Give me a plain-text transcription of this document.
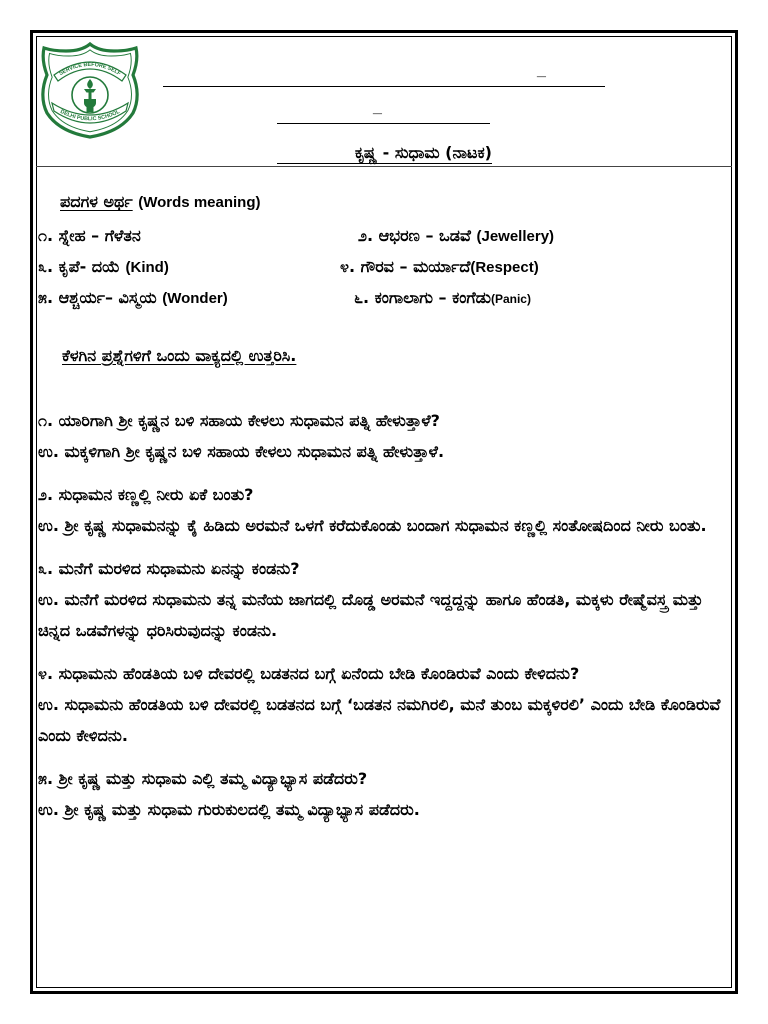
SERVICE BEFORE SELF
DELHI PUBLIC SCHOOL
_
_
ಕೃಷ್ಣ - ಸುಧಾಮ (ನಾಟಕ)
ಪದಗಳ ಅರ್ಥ (Words meaning)
೧. ಸ್ನೇಹ – ಗೆಳೆತನ	೨. ಆಭರಣ – ಒಡವೆ (Jewellery)
೩. ಕೃಪೆ- ದಯೆ (Kind)	೪. ಗೌರವ – ಮರ್ಯಾದೆ(Respect)
೫. ಆಶ್ಚರ್ಯ– ವಿಸ್ಮಯ (Wonder)	೬. ಕಂಗಾಲಾಗು – ಕಂಗೆಡು(Panic)
ಕೆಳಗಿನ ಪ್ರಶ್ನೆಗಳಿಗೆ ಒಂದು ವಾಕ್ಯದಲ್ಲಿ ಉತ್ತರಿಸಿ.

೧. ಯಾರಿಗಾಗಿ ಶ್ರೀ ಕೃಷ್ಣನ ಬಳಿ ಸಹಾಯ ಕೇಳಲು ಸುಧಾಮನ ಪತ್ನಿ ಹೇಳುತ್ತಾಳೆ?

ಉ. ಮಕ್ಕಳಿಗಾಗಿ ಶ್ರೀ ಕೃಷ್ಣನ ಬಳಿ ಸಹಾಯ ಕೇಳಲು ಸುಧಾಮನ ಪತ್ನಿ ಹೇಳುತ್ತಾಳೆ.

೨. ಸುಧಾಮನ ಕಣ್ಣಲ್ಲಿ ನೀರು ಏಕೆ ಬಂತು?

ಉ. ಶ್ರೀ ಕೃಷ್ಣ ಸುಧಾಮನನ್ನು ಕೈ ಹಿಡಿದು ಅರಮನೆ ಒಳಗೆ ಕರೆದುಕೊಂಡು ಬಂದಾಗ ಸುಧಾಮನ ಕಣ್ಣಲ್ಲಿ ಸಂತೋಷದಿಂದ ನೀರು ಬಂತು.

೩. ಮನೆಗೆ ಮರಳಿದ ಸುಧಾಮನು ಏನನ್ನು ಕಂಡನು?

ಉ. ಮನೆಗೆ ಮರಳಿದ ಸುಧಾಮನು ತನ್ನ ಮನೆಯ ಜಾಗದಲ್ಲಿ ದೊಡ್ಡ ಅರಮನೆ ಇದ್ದದ್ದನ್ನು ಹಾಗೂ ಹೆಂಡತಿ, ಮಕ್ಕಳು ರೇಷ್ಮೆವಸ್ತ್ರ ಮತ್ತು ಚಿನ್ನದ ಒಡವೆಗಳನ್ನು ಧರಿಸಿರುವುದನ್ನು ಕಂಡನು.

೪. ಸುಧಾಮನು ಹೆಂಡತಿಯ ಬಳಿ ದೇವರಲ್ಲಿ ಬಡತನದ ಬಗ್ಗೆ ಏನೆಂದು ಬೇಡಿ ಕೊಂಡಿರುವೆ ಎಂದು ಕೇಳಿದನು?

ಉ. ಸುಧಾಮನು ಹೆಂಡತಿಯ ಬಳಿ ದೇವರಲ್ಲಿ ಬಡತನದ ಬಗ್ಗೆ ‘ಬಡತನ ನಮಗಿರಲಿ, ಮನೆ ತುಂಬ ಮಕ್ಕಳಿರಲಿ’ ಎಂದು ಬೇಡಿ ಕೊಂಡಿರುವೆ ಎಂದು ಕೇಳಿದನು.

೫. ಶ್ರೀ ಕೃಷ್ಣ ಮತ್ತು ಸುಧಾಮ ಎಲ್ಲಿ ತಮ್ಮ ವಿದ್ಯಾಭ್ಯಾಸ ಪಡೆದರು?

ಉ. ಶ್ರೀ ಕೃಷ್ಣ ಮತ್ತು ಸುಧಾಮ ಗುರುಕುಲದಲ್ಲಿ ತಮ್ಮ ವಿದ್ಯಾಭ್ಯಾಸ ಪಡೆದರು.
